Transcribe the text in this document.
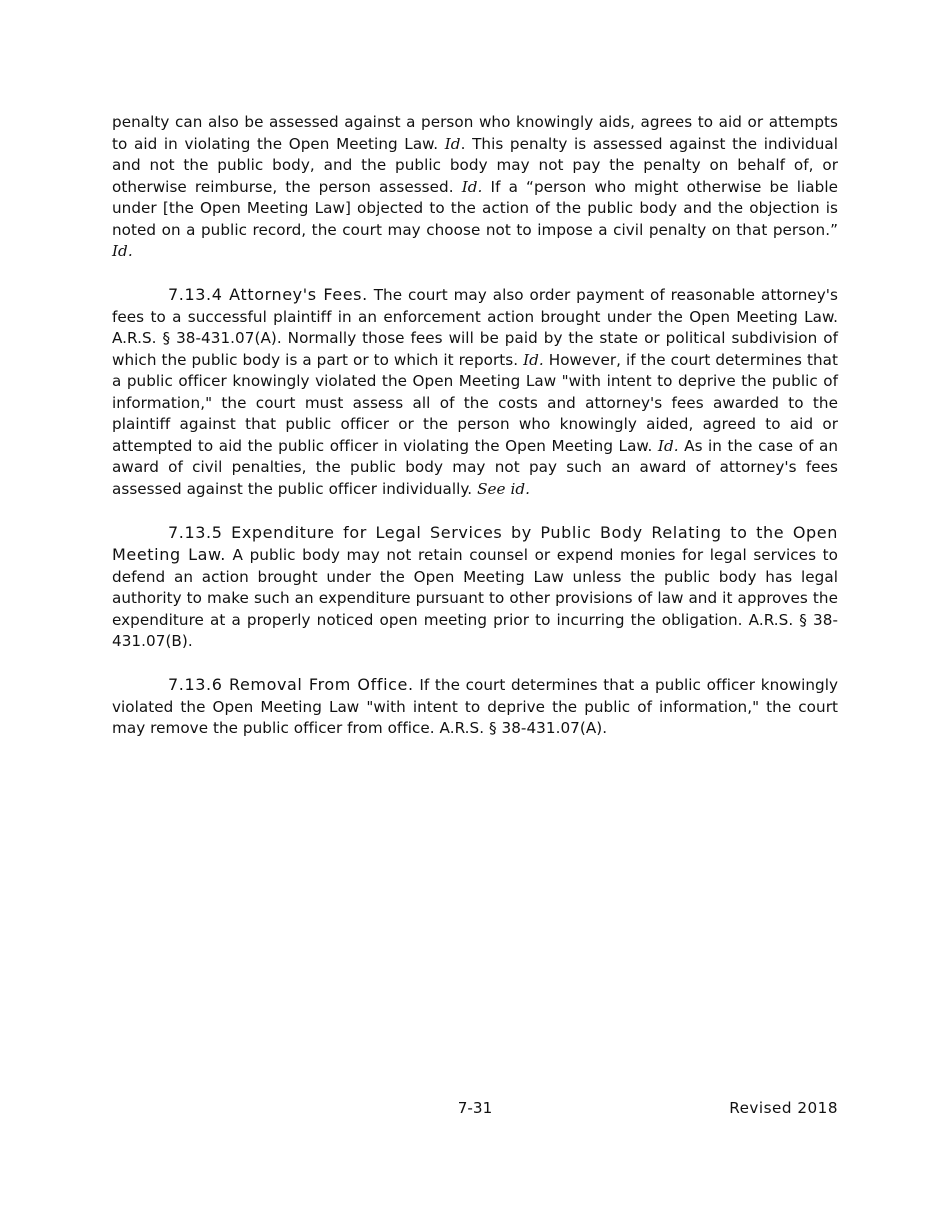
penalty can also be assessed against a person who knowingly aids, agrees to aid or attempts to aid in violating the Open Meeting Law. Id. This penalty is assessed against the individual and not the public body, and the public body may not pay the penalty on behalf of, or otherwise reimburse, the person assessed. Id. If a “person who might otherwise be liable under [the Open Meeting Law] objected to the action of the public body and the objection is noted on a public record, the court may choose not to impose a civil penalty on that person.” Id.

7.13.4 Attorney's Fees. The court may also order payment of reasonable attorney's fees to a successful plaintiff in an enforcement action brought under the Open Meeting Law. A.R.S. § 38-431.07(A). Normally those fees will be paid by the state or political subdivision of which the public body is a part or to which it reports. Id. However, if the court determines that a public officer knowingly violated the Open Meeting Law "with intent to deprive the public of information," the court must assess all of the costs and attorney's fees awarded to the plaintiff against that public officer or the person who knowingly aided, agreed to aid or attempted to aid the public officer in violating the Open Meeting Law. Id. As in the case of an award of civil penalties, the public body may not pay such an award of attorney's fees assessed against the public officer individually. See id.

7.13.5 Expenditure for Legal Services by Public Body Relating to the Open Meeting Law. A public body may not retain counsel or expend monies for legal services to defend an action brought under the Open Meeting Law unless the public body has legal authority to make such an expenditure pursuant to other provisions of law and it approves the expenditure at a properly noticed open meeting prior to incurring the obligation. A.R.S. § 38-431.07(B).

7.13.6 Removal From Office. If the court determines that a public officer knowingly violated the Open Meeting Law "with intent to deprive the public of information," the court may remove the public officer from office. A.R.S. § 38-431.07(A).

7-31	Revised 2018
